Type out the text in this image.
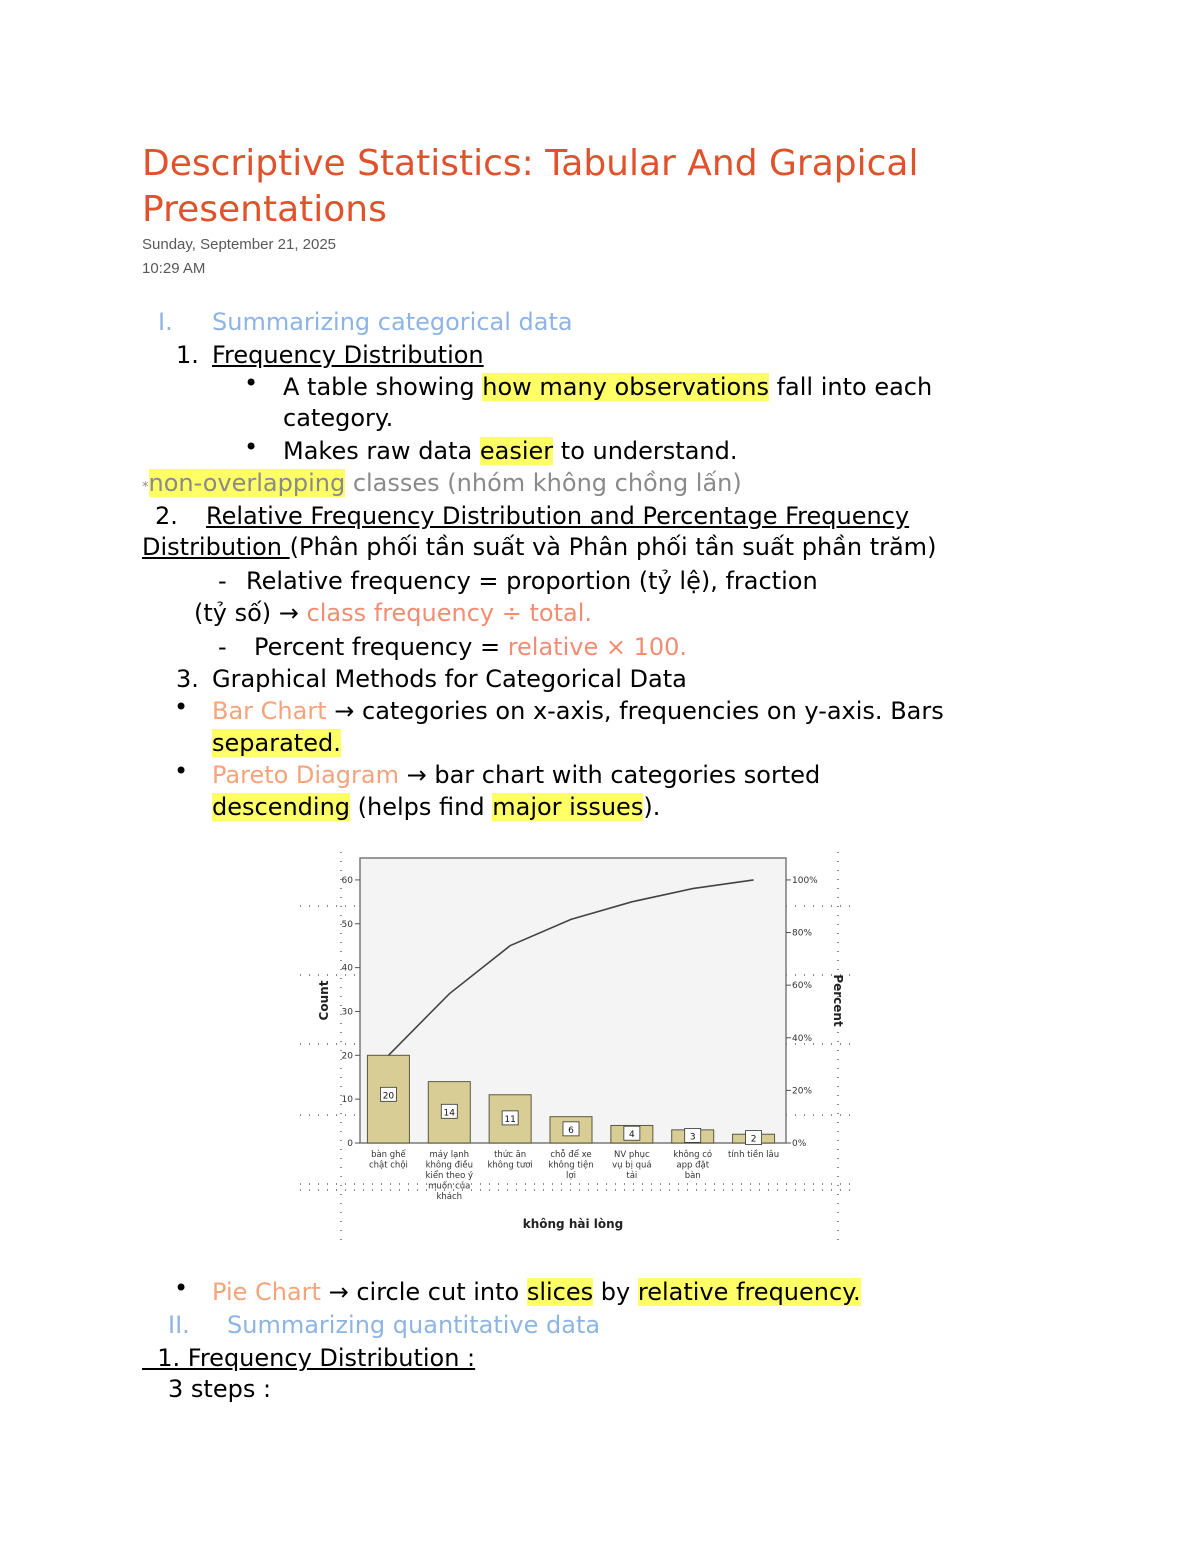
Descriptive Statistics: Tabular And Grapical
Presentations
Sunday, September 21, 2025
10:29 AM
I. Summarizing categorical data
1. Frequency Distribution
• A table showing how many observations fall into each
category.
• Makes raw data easier to understand.
*non-overlapping classes (nhóm không chồng lấn)
2. Relative Frequency Distribution and Percentage Frequency
Distribution (Phân phối tần suất và Phân phối tần suất phần trăm)
- Relative frequency = proportion (tỷ lệ), fraction
(tỷ số) → class frequency ÷ total.
- Percent frequency = relative × 100.
3. Graphical Methods for Categorical Data
• Bar Chart → categories on x-axis, frequencies on y-axis. Bars
separated.
• Pareto Diagram → bar chart with categories sorted
descending (helps find major issues).
0
10
20
30
40
50
60
0%
20%
40%
60%
80%
100%
Count	Percent
không hài lòng
20
bàn ghế
chật chội
14
máy lạnh
không điều
kiển theo ý
muốn của
khách
11
thức ăn
không tươi
6
chỗ để xe
không tiện
lợi
4
NV phục
vụ bị quá
tải
3
không có
app đặt
bàn
2
tính tiền lâu
• Pie Chart → circle cut into slices by relative frequency.
II. Summarizing quantitative data
1. Frequency Distribution :
3 steps :
